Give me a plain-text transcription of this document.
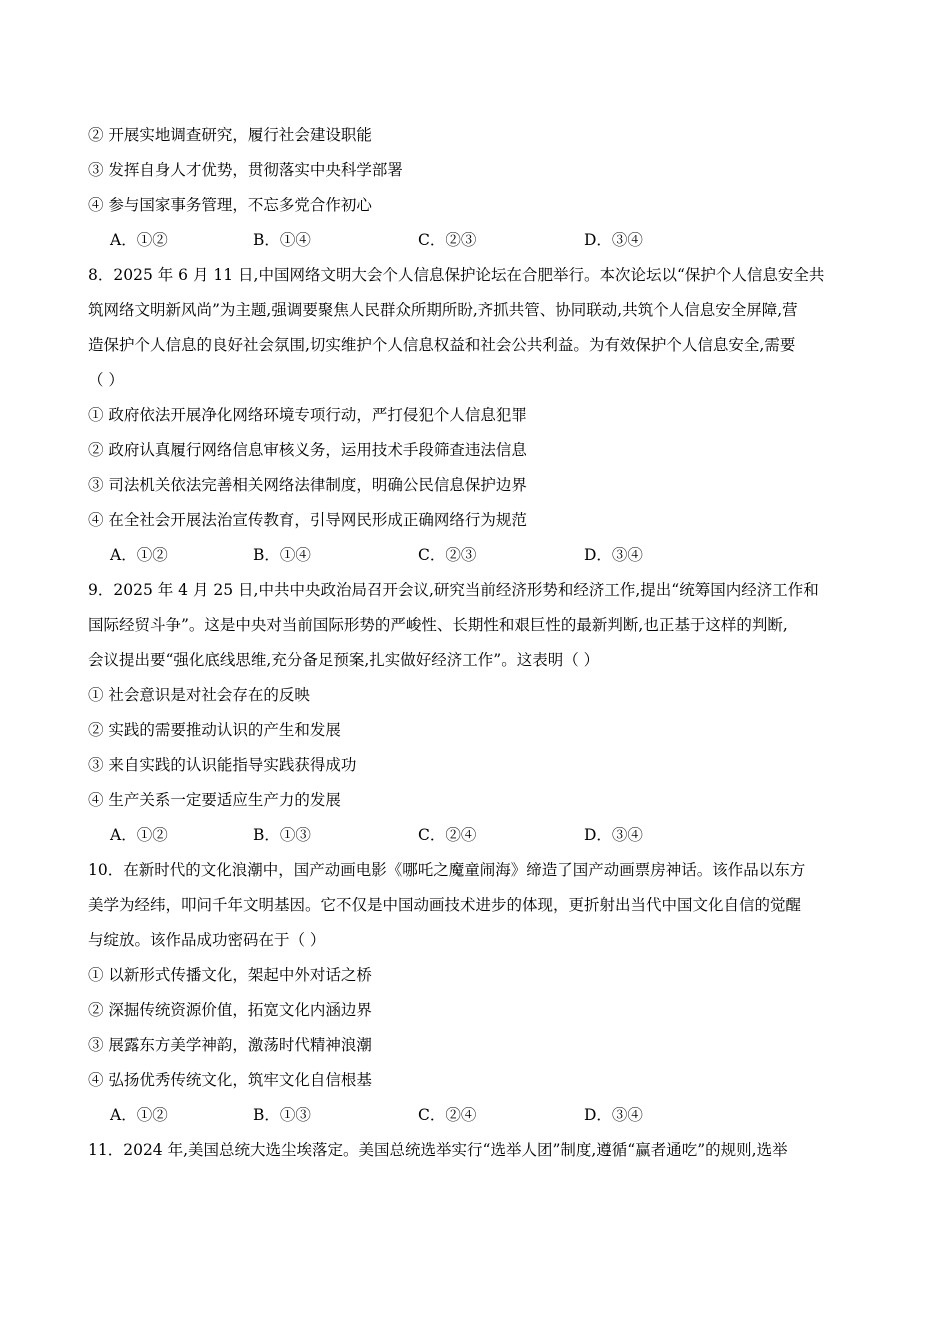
② 开展实地调查研究，履行社会建设职能
③ 发挥自身人才优势，贯彻落实中央科学部署
④ 参与国家事务管理，不忘多党合作初心
A．①②	B．①④	C．②③	D．③④
8．2025 年 6 月 11 日,中国网络文明大会个人信息保护论坛在合肥举行。本次论坛以“保护个人信息安全共
筑网络文明新风尚”为主题,强调要聚焦人民群众所期所盼,齐抓共管、协同联动,共筑个人信息安全屏障,营
造保护个人信息的良好社会氛围,切实维护个人信息权益和社会公共利益。为有效保护个人信息安全,需要
（ ）
① 政府依法开展净化网络环境专项行动，严打侵犯个人信息犯罪
② 政府认真履行网络信息审核义务，运用技术手段筛查违法信息
③ 司法机关依法完善相关网络法律制度，明确公民信息保护边界
④ 在全社会开展法治宣传教育，引导网民形成正确网络行为规范
A．①②	B．①④	C．②③	D．③④
9．2025 年 4 月 25 日,中共中央政治局召开会议,研究当前经济形势和经济工作,提出“统筹国内经济工作和
国际经贸斗争”。这是中央对当前国际形势的严峻性、长期性和艰巨性的最新判断,也正基于这样的判断,
会议提出要“强化底线思维,充分备足预案,扎实做好经济工作”。这表明（ ）
① 社会意识是对社会存在的反映
② 实践的需要推动认识的产生和发展
③ 来自实践的认识能指导实践获得成功
④ 生产关系一定要适应生产力的发展
A．①②	B．①③	C．②④	D．③④
10．在新时代的文化浪潮中，国产动画电影《哪吒之魔童闹海》缔造了国产动画票房神话。该作品以东方
美学为经纬，叩问千年文明基因。它不仅是中国动画技术进步的体现，更折射出当代中国文化自信的觉醒
与绽放。该作品成功密码在于（ ）
① 以新形式传播文化，架起中外对话之桥
② 深掘传统资源价值，拓宽文化内涵边界
③ 展露东方美学神韵，激荡时代精神浪潮
④ 弘扬优秀传统文化，筑牢文化自信根基
A．①②	B．①③	C．②④	D．③④
11．2024 年,美国总统大选尘埃落定。美国总统选举实行“选举人团”制度,遵循“赢者通吃”的规则,选举
